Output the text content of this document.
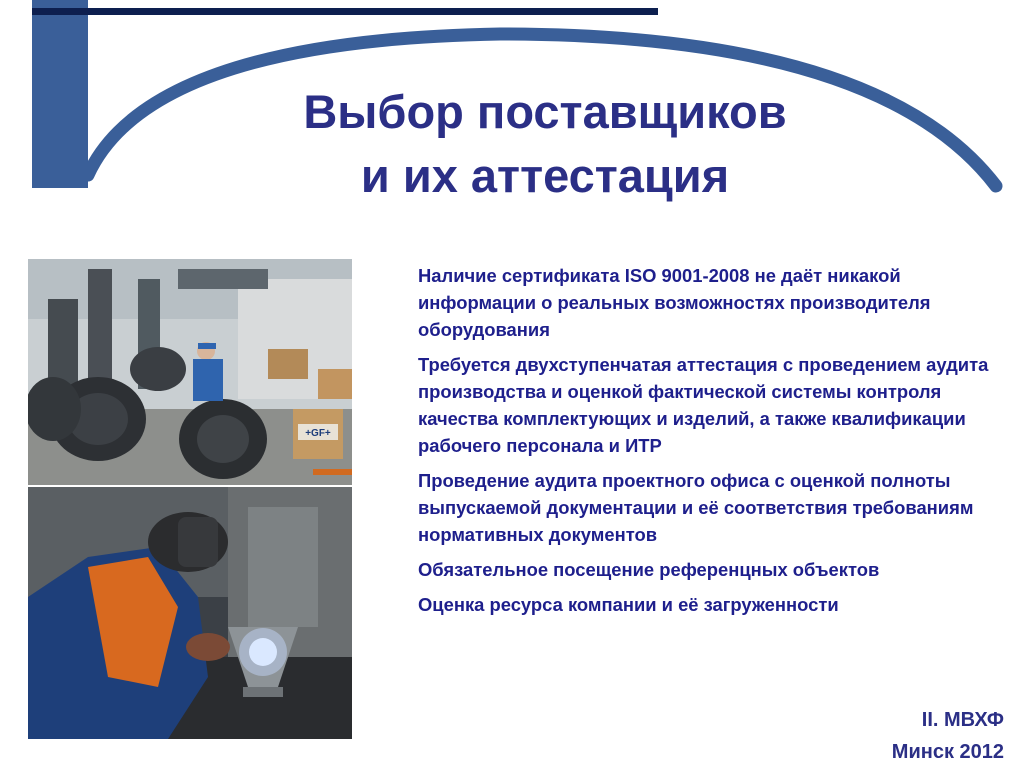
Выбор поставщиков
и их аттестация
+GF+

Наличие сертификата ISO 9001-2008 не даёт никакой информации о реальных возможностях производителя оборудования

Требуется двухступенчатая аттестация с проведением аудита производства и оценкой фактической системы контроля качества комплектующих и изделий, а также квалификации рабочего персонала и ИТР

Проведение аудита проектного офиса с оценкой полноты выпускаемой документации и её соответствия требованиям нормативных документов

Обязательное посещение референцных объектов

Оценка ресурса компании и её загруженности

II. МВХФ
Минск 2012
